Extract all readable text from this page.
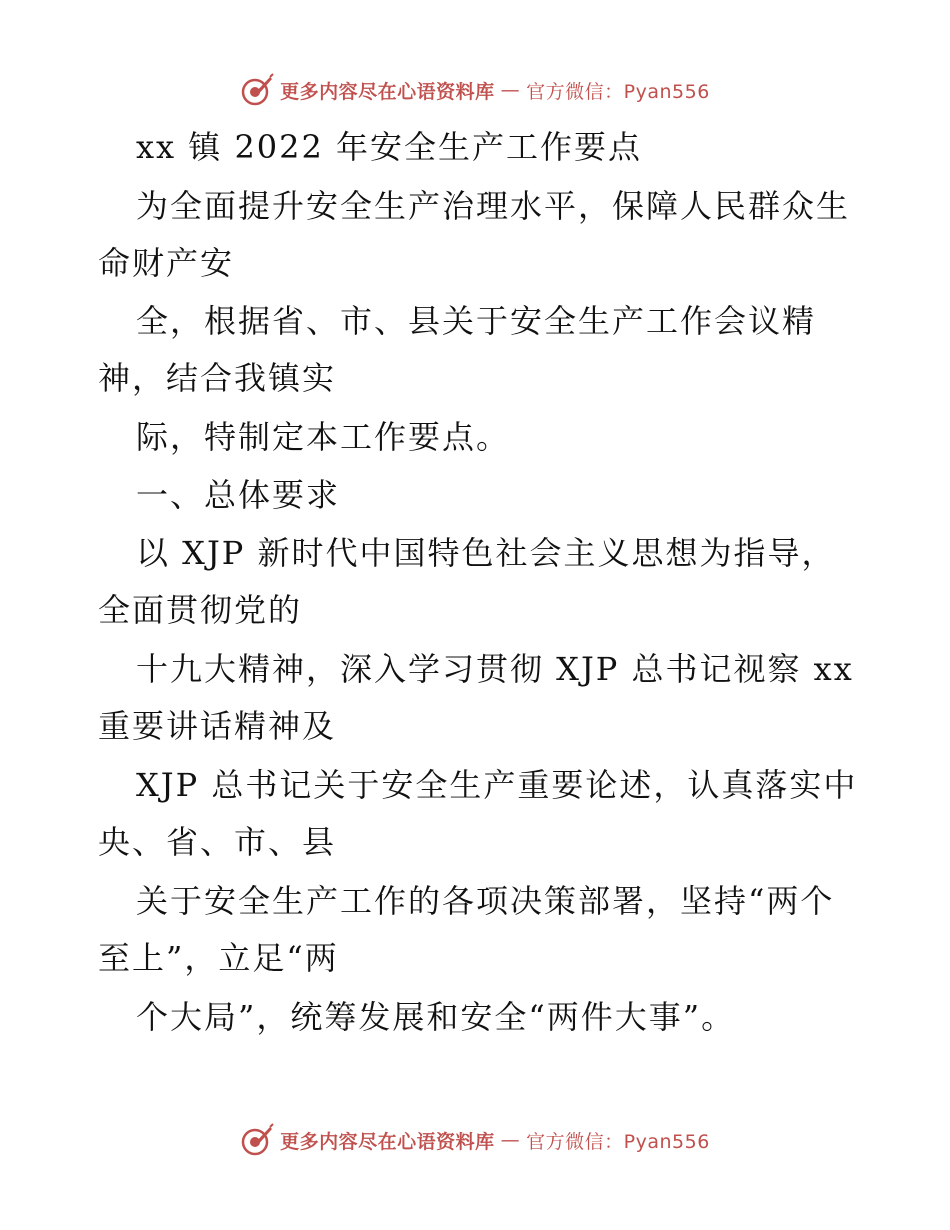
更多内容尽在心语资料库 — 官方微信：Pyan556
xx 镇 2022 年安全生产工作要点
为全面提升安全生产治理水平，保障人民群众生
命财产安
全，根据省、市、县关于安全生产工作会议精
神，结合我镇实
际，特制定本工作要点。
一、总体要求
以 XJP 新时代中国特色社会主义思想为指导，
全面贯彻党的
十九大精神，深入学习贯彻 XJP 总书记视察 xx
重要讲话精神及
XJP 总书记关于安全生产重要论述，认真落实中
央、省、市、县
关于安全生产工作的各项决策部署，坚持“两个
至上”，立足“两
个大局”，统筹发展和安全“两件大事”。
更多内容尽在心语资料库 — 官方微信：Pyan556
